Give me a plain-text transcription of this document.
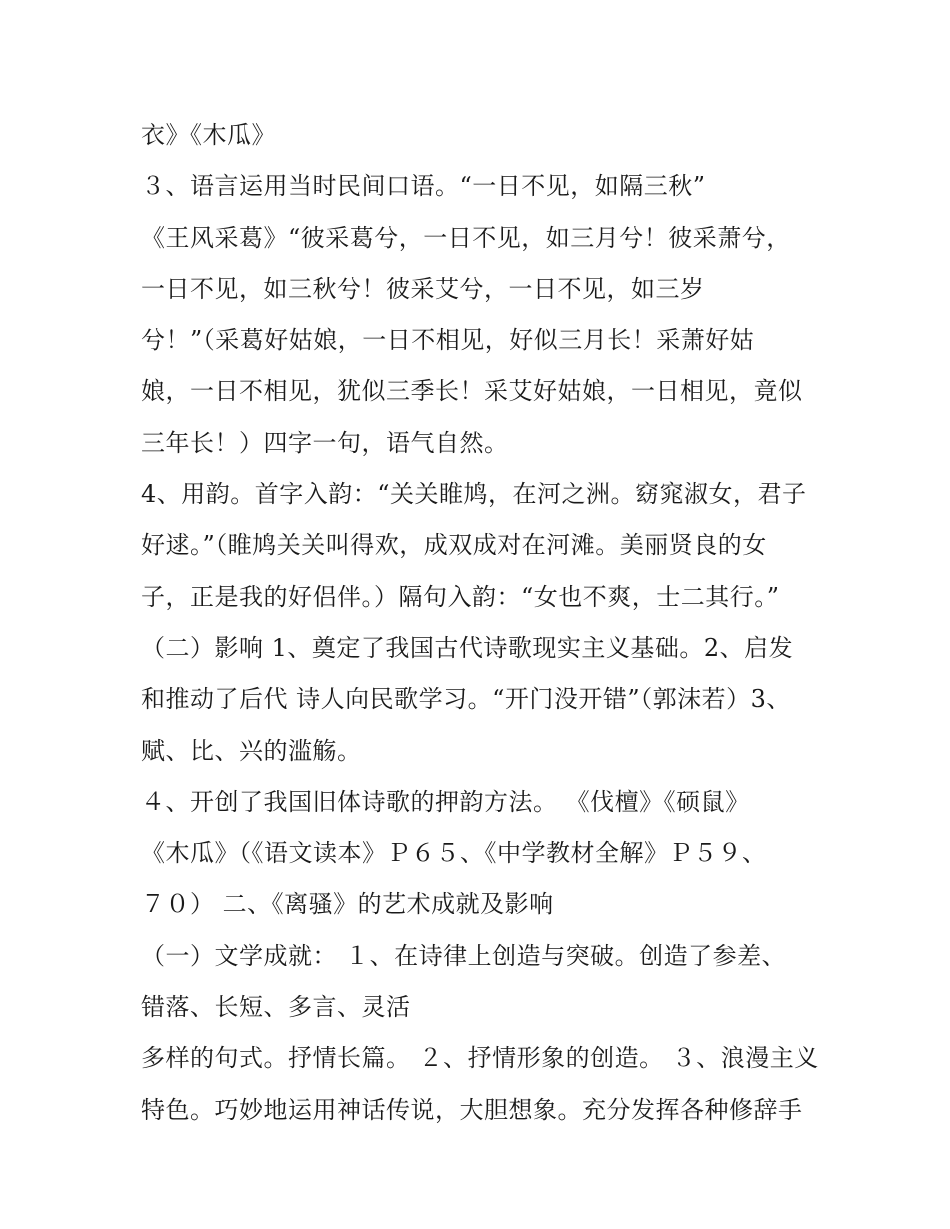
衣》《木瓜》
３、语言运用当时民间口语。“一日不见，如隔三秋”
《王风采葛》“彼采葛兮，一日不见，如三月兮！彼采萧兮，
一日不见，如三秋兮！彼采艾兮，一日不见，如三岁
兮！”（采葛好姑娘，一日不相见，好似三月长！采萧好姑
娘，一日不相见，犹似三季长！采艾好姑娘，一日相见，竟似
三年长！）四字一句，语气自然。
4、用韵。首字入韵：“关关睢鸠，在河之洲。窈窕淑女，君子
好逑。”（睢鸠关关叫得欢，成双成对在河滩。美丽贤良的女
子，正是我的好侣伴。）隔句入韵：“女也不爽，士二其行。”
（二）影响 1、奠定了我国古代诗歌现实主义基础。2、启发
和推动了后代 诗人向民歌学习。“开门没开错”（郭沫若）3、
赋、比、兴的滥觞。
４、开创了我国旧体诗歌的押韵方法。 《伐檀》《硕鼠》
《木瓜》（《语文读本》Ｐ６５、《中学教材全解》Ｐ５９、
７０） 二、《离骚》的艺术成就及影响
（一）文学成就： １、在诗律上创造与突破。创造了参差、
错落、长短、多言、灵活
多样的句式。抒情长篇。 ２、抒情形象的创造。 ３、浪漫主义
特色。巧妙地运用神话传说，大胆想象。充分发挥各种修辞手
